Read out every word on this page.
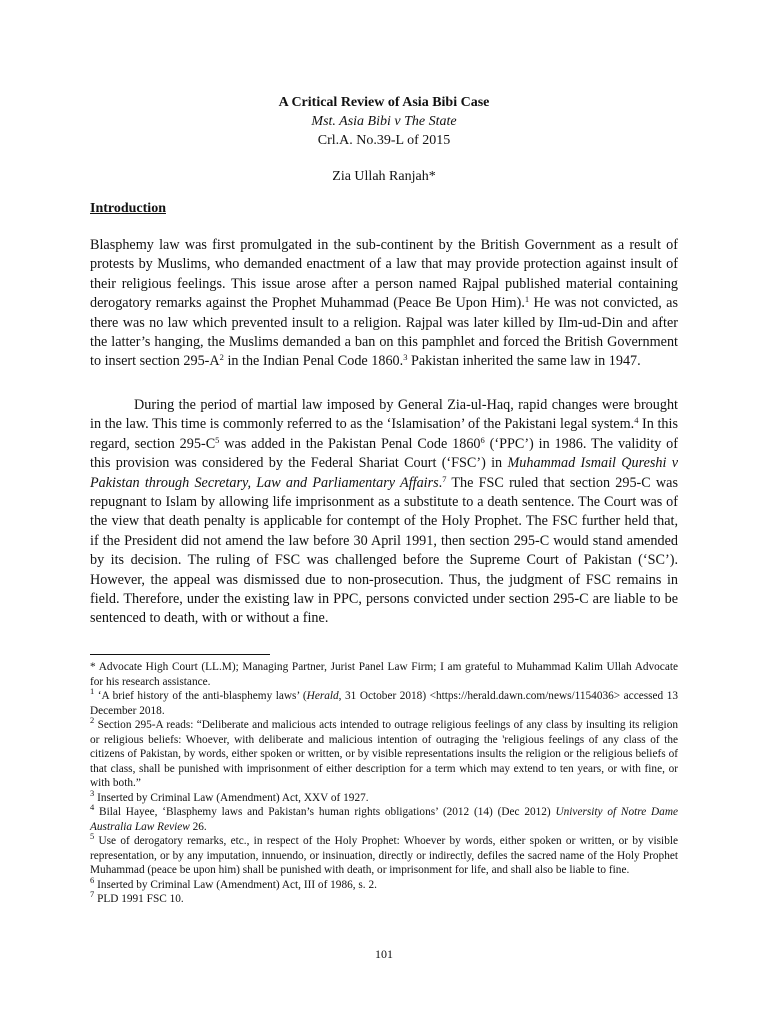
A Critical Review of Asia Bibi Case
Mst. Asia Bibi v The State
Crl.A. No.39-L of 2015
Zia Ullah Ranjah*
Introduction
Blasphemy law was first promulgated in the sub-continent by the British Government as a result of protests by Muslims, who demanded enactment of a law that may provide protection against insult of their religious feelings. This issue arose after a person named Rajpal published material containing derogatory remarks against the Prophet Muhammad (Peace Be Upon Him).$^1$ He was not convicted, as there was no law which prevented insult to a religion. Rajpal was later killed by Ilm-ud-Din and after the latter’s hanging, the Muslims demanded a ban on this pamphlet and forced the British Government to insert section $295-A^2$ in the Indian Penal Code 1860.$^3$ Pakistan inherited the same law in 1947.
During the period of martial law imposed by General Zia-ul-Haq, rapid changes were brought in the law. This time is commonly referred to as the ‘Islamisation’ of the Pakistani legal system.$^4$ In this regard, section $295-C^5$ was added in the Pakistan Penal Code 1860$^6$ (‘PPC’) in 1986. The validity of this provision was considered by the Federal Shariat Court (‘FSC’) in Muhammad Ismail Qureshi v Pakistan through Secretary, Law and Parliamentary Affairs.$^7$ The FSC ruled that section 295-C was repugnant to Islam by allowing life imprisonment as a substitute to a death sentence. The Court was of the view that death penalty is applicable for contempt of the Holy Prophet. The FSC further held that, if the President did not amend the law before 30 April 1991, then section 295-C would stand amended by its decision. The ruling of FSC was challenged before the Supreme Court of Pakistan (‘SC’). However, the appeal was dismissed due to non-prosecution. Thus, the judgment of FSC remains in field. Therefore, under the existing law in PPC, persons convicted under section 295-C are liable to be sentenced to death, with or without a fine.

* Advocate High Court (LL.M); Managing Partner, Jurist Panel Law Firm; I am grateful to Muhammad Kalim Ullah Advocate for his research assistance.

$^1$ ‘A brief history of the anti-blasphemy laws’ (Herald, 31 October 2018) <https://herald.dawn.com/news/1154036> accessed 13 December 2018.

$^2$ Section 295-A reads: “Deliberate and malicious acts intended to outrage religious feelings of any class by insulting its religion or religious beliefs: Whoever, with deliberate and malicious intention of outraging the 'religious feelings of any class of the citizens of Pakistan, by words, either spoken or written, or by visible representations insults the religion or the religious beliefs of that class, shall be punished with imprisonment of either description for a term which may extend to ten years, or with fine, or with both.”

$^3$ Inserted by Criminal Law (Amendment) Act, XXV of 1927.

$^4$ Bilal Hayee, ‘Blasphemy laws and Pakistan’s human rights obligations’ (2012 (14) (Dec 2012) University of Notre Dame Australia Law Review 26.

$^5$ Use of derogatory remarks, etc., in respect of the Holy Prophet: Whoever by words, either spoken or written, or by visible representation, or by any imputation, innuendo, or insinuation, directly or indirectly, defiles the sacred name of the Holy Prophet Muhammad (peace be upon him) shall be punished with death, or imprisonment for life, and shall also be liable to fine.

$^6$ Inserted by Criminal Law (Amendment) Act, III of 1986, s. 2.

$^7$ PLD 1991 FSC 10.

101
